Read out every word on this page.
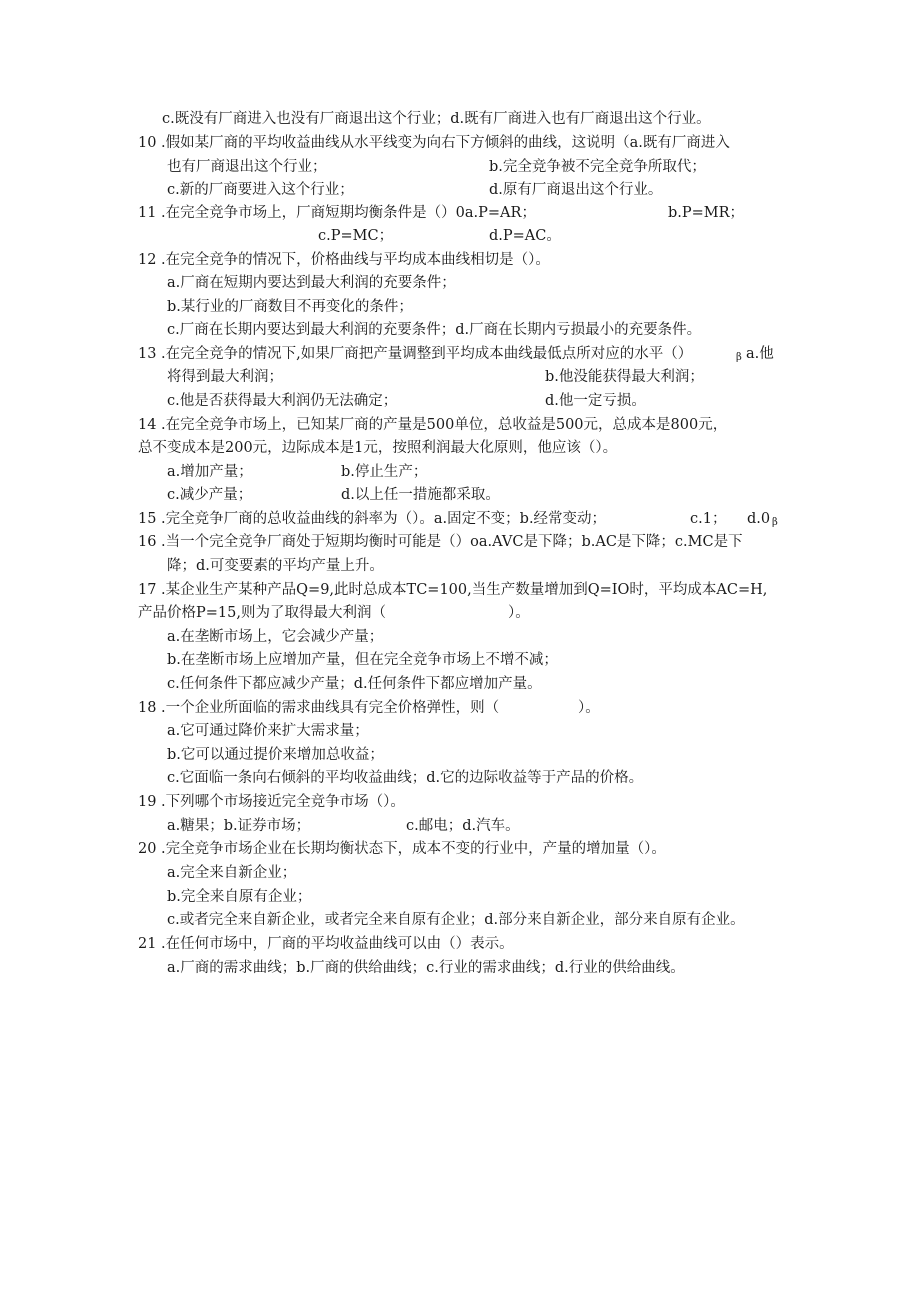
c.既没有厂商进入也没有厂商退出这个行业；d.既有厂商进入也有厂商退出这个行业。
10 .假如某厂商的平均收益曲线从水平线变为向右下方倾斜的曲线，这说明（a.既有厂商进入
也有厂商退出这个行业；	b.完全竞争被不完全竞争所取代；
c.新的厂商要进入这个行业；	d.原有厂商退出这个行业。
11 .在完全竞争市场上，厂商短期均衡条件是（）0a.P=AR；	b.P=MR；
c.P=MC；	d.P=AC。
12 .在完全竞争的情况下，价格曲线与平均成本曲线相切是（）。
a.厂商在短期内要达到最大利润的充要条件；
b.某行业的厂商数目不再变化的条件；
c.厂商在长期内要达到最大利润的充要条件；d.厂商在长期内亏损最小的充要条件。
13 .在完全竞争的情况下,如果厂商把产量调整到平均成本曲线最低点所对应的水平（）	β a.他
将得到最大利润；	b.他没能获得最大利润；
c.他是否获得最大利润仍无法确定；	d.他一定亏损。
14 .在完全竞争市场上，已知某厂商的产量是500单位，总收益是500元，总成本是800元，
总不变成本是200元，边际成本是1元，按照利润最大化原则，他应该（）。
a.增加产量；	b.停止生产；
c.减少产量；	d.以上任一措施都采取。
15 .完全竞争厂商的总收益曲线的斜率为（）。a.固定不变；b.经常变动；	c.1； d.0 β
16 .当一个完全竞争厂商处于短期均衡时可能是（）oa.AVC是下降；b.AC是下降；c.MC是下
降；d.可变要素的平均产量上升。
17 .某企业生产某种产品Q=9,此时总成本TC=100,当生产数量增加到Q=IO时，平均成本AC=H,
产品价格P=15,则为了取得最大利润（	）。
a.在垄断市场上，它会减少产量；
b.在垄断市场上应增加产量，但在完全竞争市场上不增不减；
c.任何条件下都应减少产量；d.任何条件下都应增加产量。
18 .一个企业所面临的需求曲线具有完全价格弹性，则（	）。
a.它可通过降价来扩大需求量；
b.它可以通过提价来增加总收益；
c.它面临一条向右倾斜的平均收益曲线；d.它的边际收益等于产品的价格。
19 .下列哪个市场接近完全竞争市场（）。
a.糖果；b.证券市场；	c.邮电；d.汽车。
20 .完全竞争市场企业在长期均衡状态下，成本不变的行业中，产量的增加量（）。
a.完全来自新企业；
b.完全来自原有企业；
c.或者完全来自新企业，或者完全来自原有企业；d.部分来自新企业，部分来自原有企业。
21 .在任何市场中，厂商的平均收益曲线可以由（）表示。
a.厂商的需求曲线；b.厂商的供给曲线；c.行业的需求曲线；d.行业的供给曲线。
